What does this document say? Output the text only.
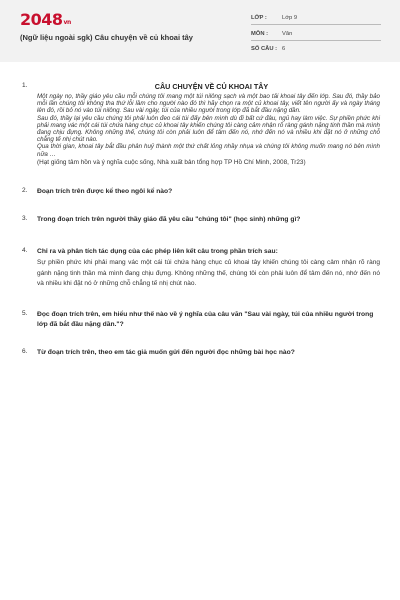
2048vn
(Ngữ liệu ngoài sgk) Câu chuyện về củ khoai tây
LỚP :	Lớp 9
MÔN : Văn
SỐ CÂU : 6
1.	CÂU CHUYỆN VỀ CỦ KHOAI TÂY

Một ngày nọ, thầy giáo yêu cầu mỗi chúng tôi mang một túi nilông sạch và một bao tải khoai tây đến lớp. Sau đó, thầy bảo mỗi lần chúng tôi không tha thứ lỗi lầm cho người nào đó thì hãy chọn ra một củ khoai tây, viết tên người ấy và ngày tháng lên đó, rồi bỏ nó vào túi nilông. Sau vài ngày, túi của nhiều người trong lớp đã bắt đầu nặng dần.

Sau đó, thầy lại yêu cầu chúng tôi phải luôn đeo cái túi đấy bên mình dù đi bất cứ đâu, ngủ hay làm việc. Sự phiền phức khi phải mang vác một cái túi chứa hàng chục củ khoai tây khiến chúng tôi càng cảm nhận rõ ràng gánh nặng tinh thần mà mình đang chịu đựng. Không những thế, chúng tôi còn phải luôn để tâm đến nó, nhớ đến nó và nhiều khi đặt nó ở những chỗ chẳng tế nhị chút nào.

Qua thời gian, khoai tây bắt đầu phân huỷ thành một thứ chất lỏng nhầy nhụa và chúng tôi không muốn mang nó bên mình nữa …

(Hạt giống tâm hồn và ý nghĩa cuộc sống, Nhà xuất bản tổng hợp TP Hồ Chí Minh, 2008, Tr23)

2. Đoạn trích trên được kể theo ngôi kể nào?
3. Trong đoạn trích trên người thầy giáo đã yêu cầu "chúng tôi" (học sinh) những gì?
4. Chỉ ra và phân tích tác dụng của các phép liên kết câu trong phần trích sau:
Sự phiền phức khi phải mang vác một cái túi chứa hàng chục củ khoai tây khiến chúng tôi càng cảm nhận rõ ràng gánh nặng tinh thần mà mình đang chịu đựng. Không những thế, chúng tôi còn phải luôn để tâm đến nó, nhớ đến nó và nhiều khi đặt nó ở những chỗ chẳng tế nhị chút nào.
5. Đọc đoạn trích trên, em hiểu như thế nào về ý nghĩa của câu văn "Sau vài ngày, túi của nhiều người trong lớp đã bắt đầu nặng dần."?
6. Từ đoạn trích trên, theo em tác giả muốn gửi đến người đọc những bài học nào?
